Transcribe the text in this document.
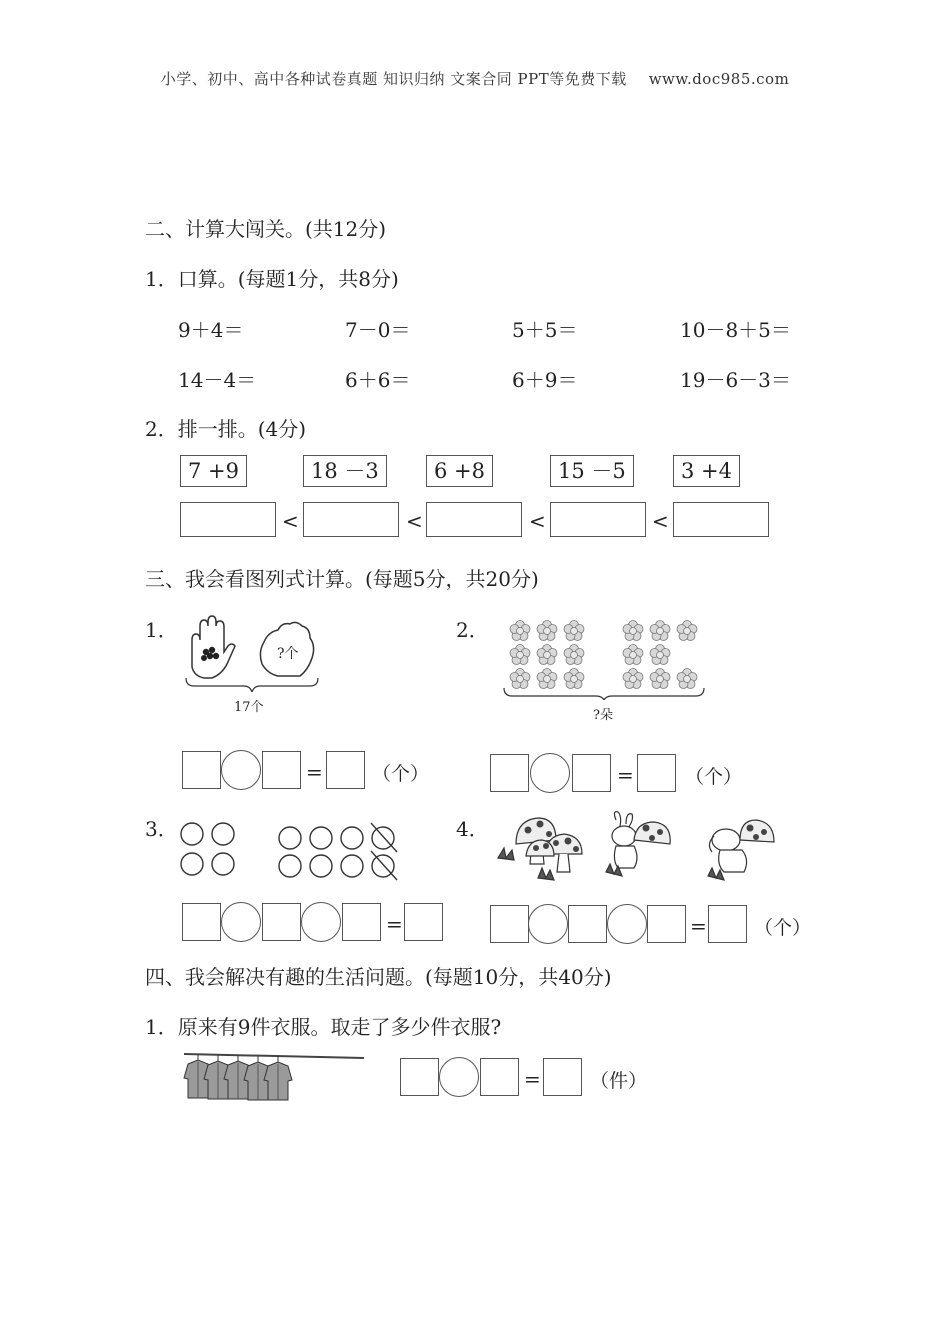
小学、初中、高中各种试卷真题 知识归纳 文案合同 PPT等免费下载 www.doc985.com
二、计算大闯关。(共12分)
1．口算。(每题1分，共8分)
9＋4＝	7－0＝	5＋5＝	10－8＋5＝
14－4＝	6＋6＝	6＋9＝	19－6－3＝
2．排一排。(4分)
7 +9	18 －3	6 +8	15 －5	3 +4
<	<	<	<
三、我会看图列式计算。(每题5分，共20分)
1．
?个
17个
=	（个）
2．
?朵
=	（个）
3．
=
4．
= （个）
四、我会解决有趣的生活问题。(每题10分，共40分)
1．原来有9件衣服。取走了多少件衣服?
=	（件）
